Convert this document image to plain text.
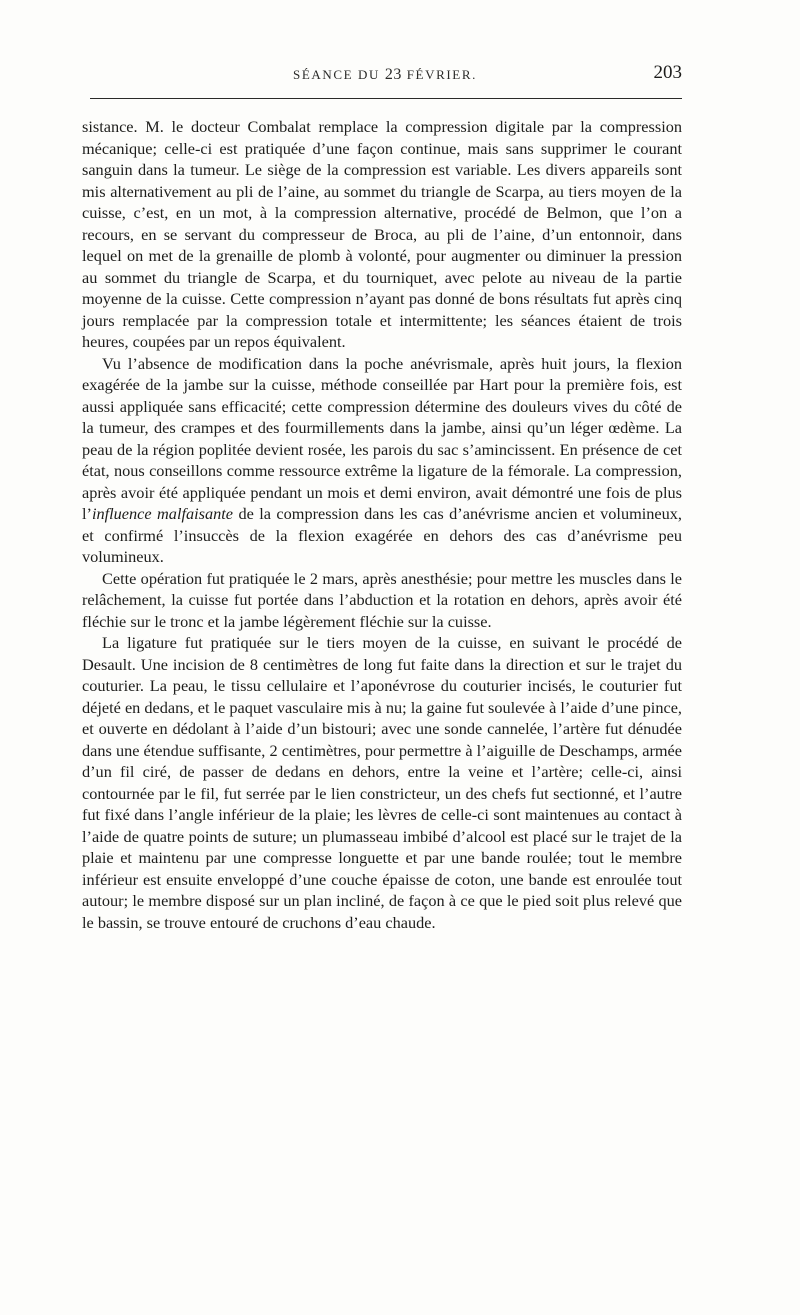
SÉANCE DU 23 FÉVRIER.	203

sistance. M. le docteur Combalat remplace la compression digitale par la compression mécanique; celle-ci est pratiquée d’une façon continue, mais sans supprimer le courant sanguin dans la tumeur. Le siège de la compression est variable. Les divers appareils sont mis alternativement au pli de l’aine, au sommet du triangle de Scarpa, au tiers moyen de la cuisse, c’est, en un mot, à la compression alternative, procédé de Belmon, que l’on a recours, en se servant du compresseur de Broca, au pli de l’aine, d’un entonnoir, dans lequel on met de la grenaille de plomb à volonté, pour augmenter ou diminuer la pression au sommet du triangle de Scarpa, et du tourniquet, avec pelote au niveau de la partie moyenne de la cuisse. Cette compression n’ayant pas donné de bons résultats fut après cinq jours remplacée par la compression totale et intermittente; les séances étaient de trois heures, coupées par un repos équivalent.

Vu l’absence de modification dans la poche anévrismale, après huit jours, la flexion exagérée de la jambe sur la cuisse, méthode conseillée par Hart pour la première fois, est aussi appliquée sans efficacité; cette compression détermine des douleurs vives du côté de la tumeur, des crampes et des fourmillements dans la jambe, ainsi qu’un léger œdème. La peau de la région poplitée devient rosée, les parois du sac s’amincissent. En présence de cet état, nous conseillons comme ressource extrême la ligature de la fémorale. La compression, après avoir été appliquée pendant un mois et demi environ, avait démontré une fois de plus l’influence malfaisante de la compression dans les cas d’anévrisme ancien et volumineux, et confirmé l’insuccès de la flexion exagérée en dehors des cas d’anévrisme peu volumineux.

Cette opération fut pratiquée le 2 mars, après anesthésie; pour mettre les muscles dans le relâchement, la cuisse fut portée dans l’abduction et la rotation en dehors, après avoir été fléchie sur le tronc et la jambe légèrement fléchie sur la cuisse.

La ligature fut pratiquée sur le tiers moyen de la cuisse, en suivant le procédé de Desault. Une incision de 8 centimètres de long fut faite dans la direction et sur le trajet du couturier. La peau, le tissu cellulaire et l’aponévrose du couturier incisés, le couturier fut déjeté en dedans, et le paquet vasculaire mis à nu; la gaine fut soulevée à l’aide d’une pince, et ouverte en dédolant à l’aide d’un bistouri; avec une sonde cannelée, l’artère fut dénudée dans une étendue suffisante, 2 centimètres, pour permettre à l’aiguille de Deschamps, armée d’un fil ciré, de passer de dedans en dehors, entre la veine et l’artère; celle-ci, ainsi contournée par le fil, fut serrée par le lien constricteur, un des chefs fut sectionné, et l’autre fut fixé dans l’angle inférieur de la plaie; les lèvres de celle-ci sont maintenues au contact à l’aide de quatre points de suture; un plumasseau imbibé d’alcool est placé sur le trajet de la plaie et maintenu par une compresse longuette et par une bande roulée; tout le membre inférieur est ensuite enveloppé d’une couche épaisse de coton, une bande est enroulée tout autour; le membre disposé sur un plan incliné, de façon à ce que le pied soit plus relevé que le bassin, se trouve entouré de cruchons d’eau chaude.
